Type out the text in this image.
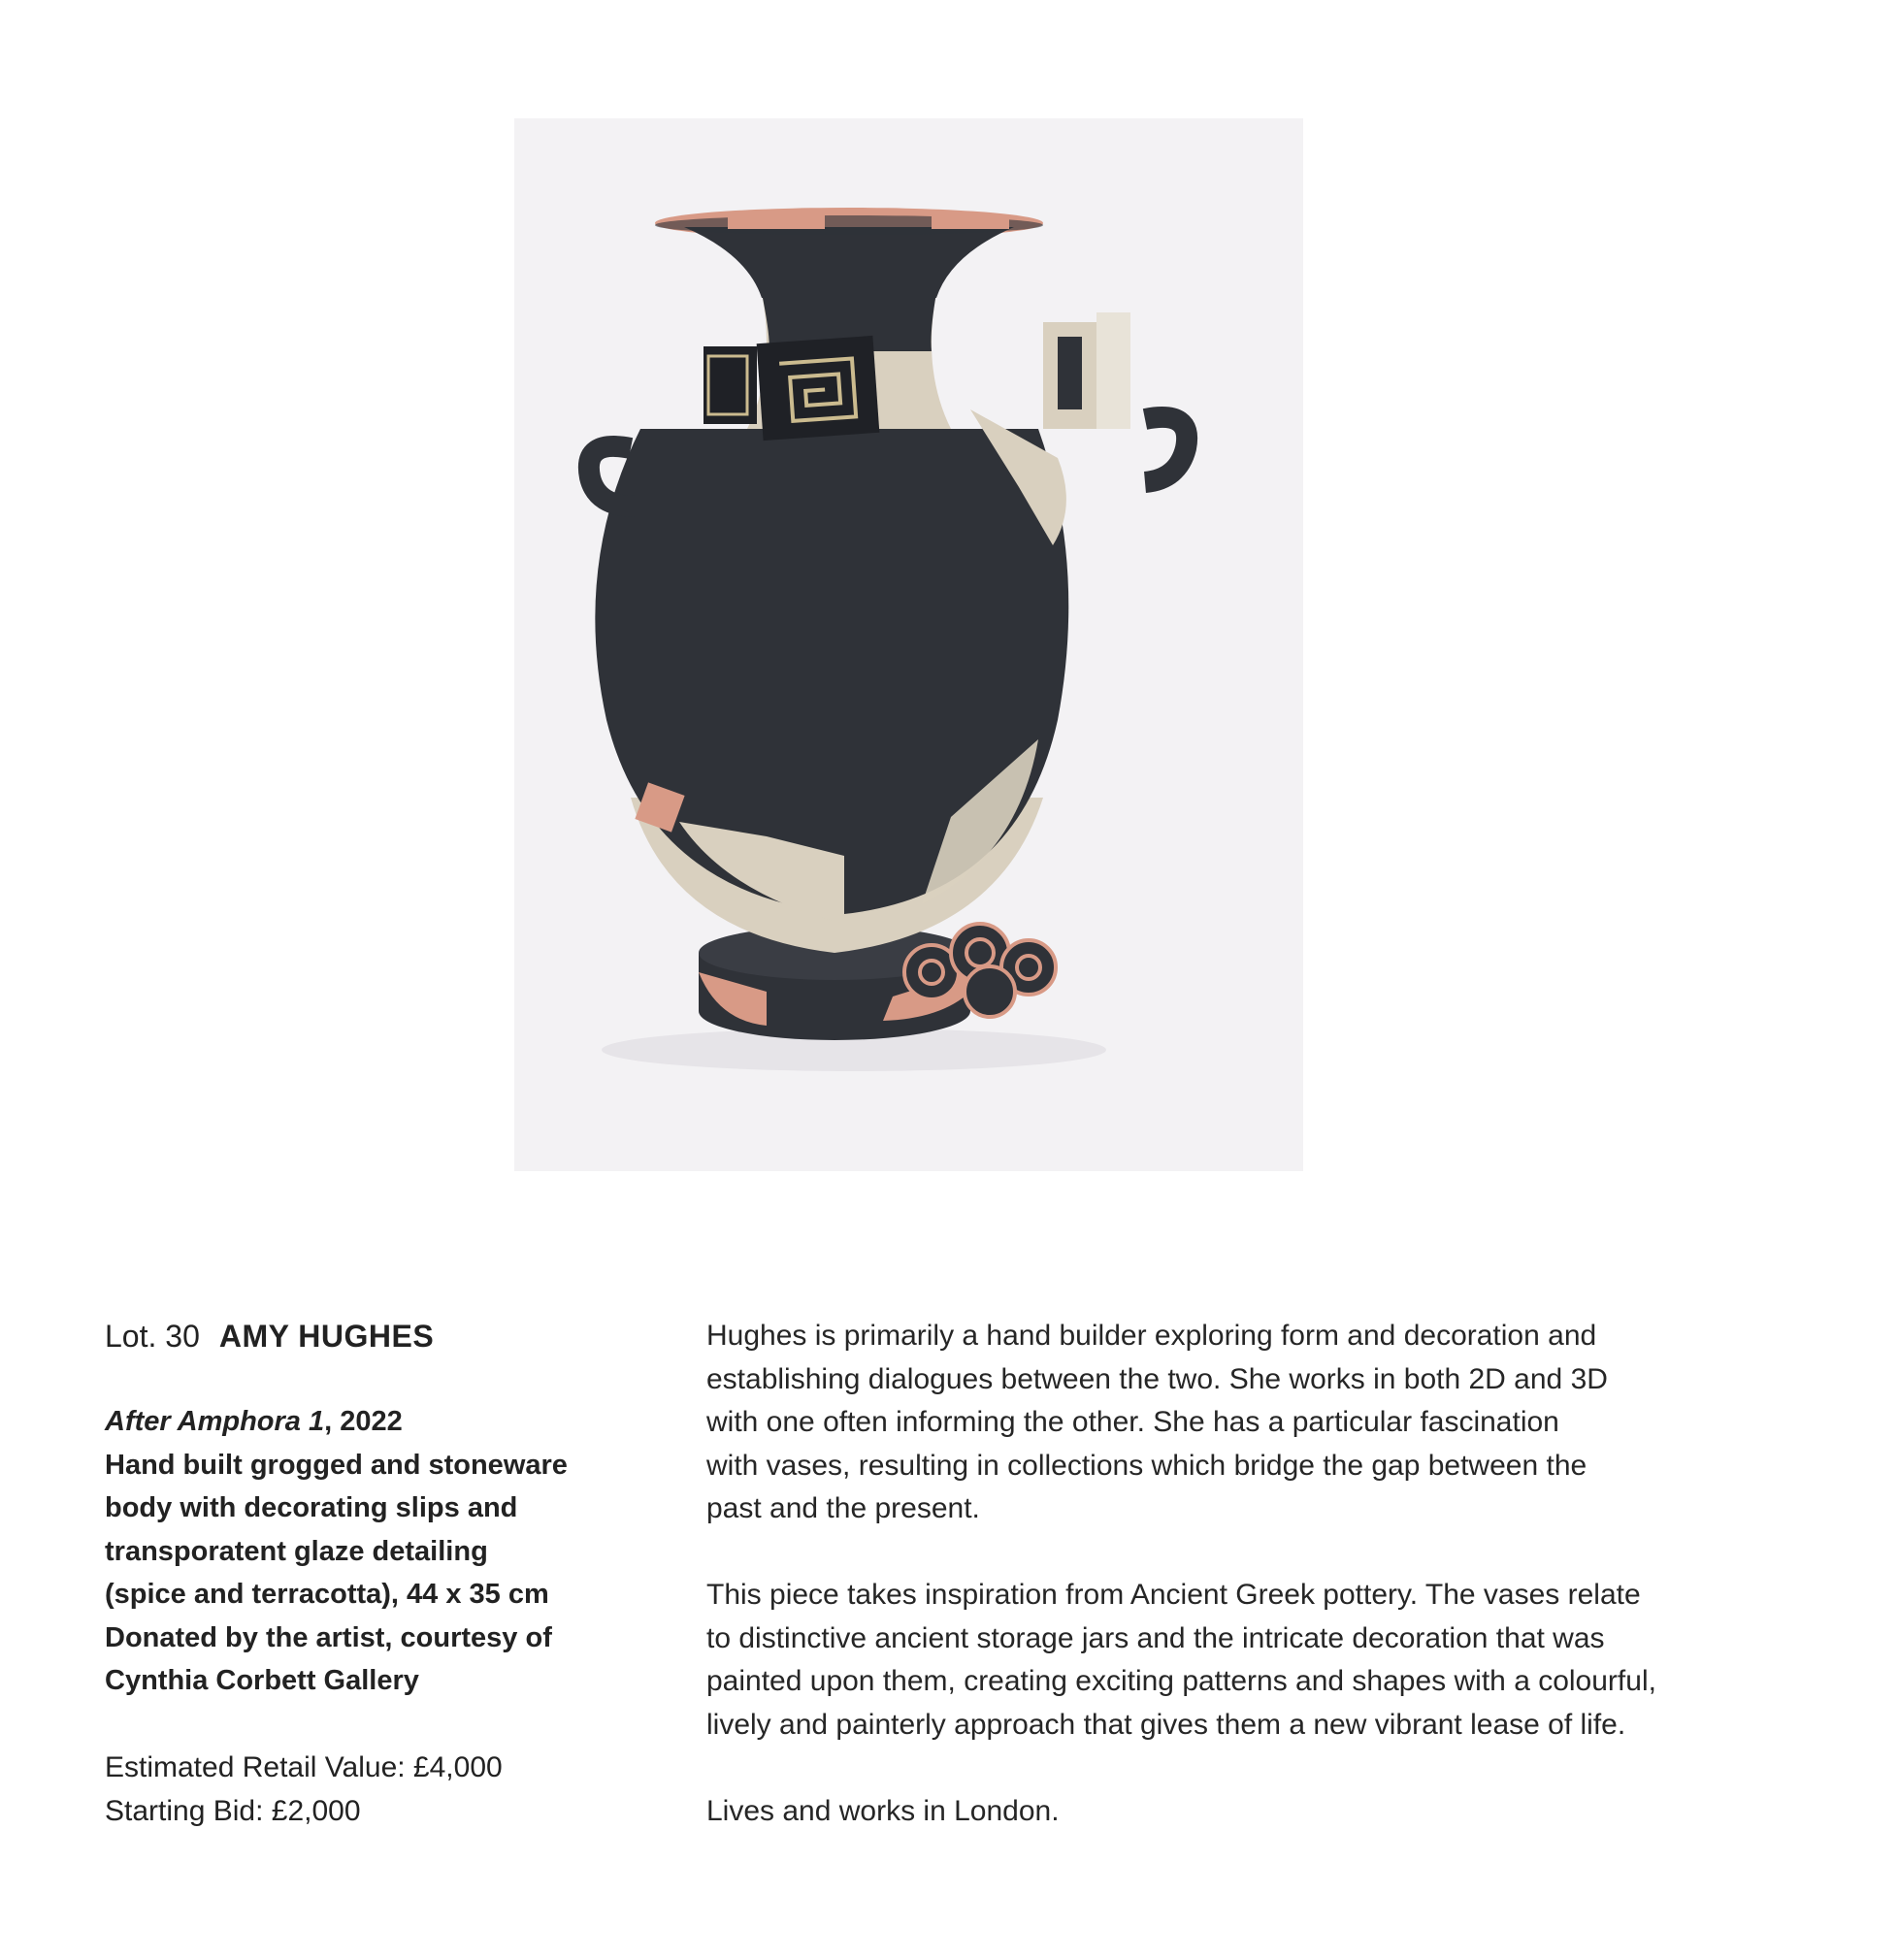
Lot. 30 AMY HUGHES
After Amphora 1, 2022
Hand built grogged and stoneware
body with decorating slips and
transporatent glaze detailing
(spice and terracotta), 44 x 35 cm
Donated by the artist, courtesy of
Cynthia Corbett Gallery
Estimated Retail Value: £4,000
Starting Bid: £2,000

Hughes is primarily a hand builder exploring form and decoration and
establishing dialogues between the two. She works in both 2D and 3D
with one often informing the other. She has a particular fascination
with vases, resulting in collections which bridge the gap between the
past and the present.

This piece takes inspiration from Ancient Greek pottery. The vases relate
to distinctive ancient storage jars and the intricate decoration that was
painted upon them, creating exciting patterns and shapes with a colourful,
lively and painterly approach that gives them a new vibrant lease of life.

Lives and works in London.
